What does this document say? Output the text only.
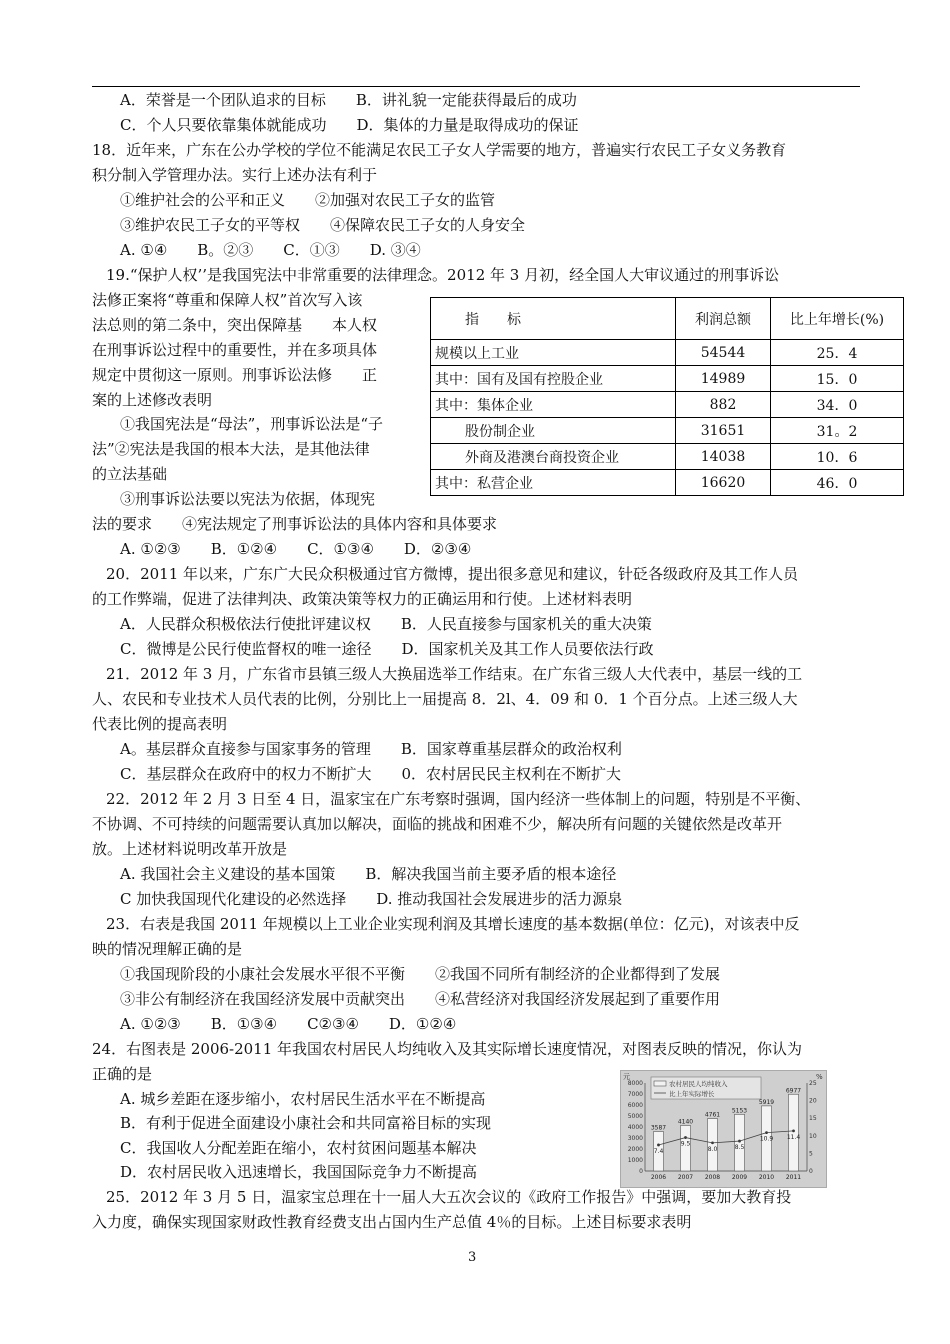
A．荣誉是一个团队追求的目标　　B．讲礼貌一定能获得最后的成功
C．个人只要依靠集体就能成功　　D．集体的力量是取得成功的保证
18．近年来，广东在公办学校的学位不能满足农民工子女人学需要的地方，普遍实行农民工子女义务教育
积分制入学管理办法。实行上述办法有利于
①维护社会的公平和正义　　②加强对农民工子女的监管
③维护农民工子女的平等权　　④保障农民工子女的人身安全
A. ①④　　B。②③　　C．①③　　D. ③④
19.“保护人权’’是我国宪法中非常重要的法律理念。2012 年 3 月初，经全国人大审议通过的刑事诉讼
法修正案将“尊重和保障人权”首次写入该
法总则的第二条中，突出保障基　　本人权
在刑事诉讼过程中的重要性，并在多项具体
规定中贯彻这一原则。刑事诉讼法修　　正
案的上述修改表明
①我国宪法是“母法”，刑事诉讼法是“子
法”②宪法是我国的根本大法，是其他法律
的立法基础
③刑事诉讼法要以宪法为依据，体现宪
法的要求　　④宪法规定了刑事诉讼法的具体内容和具体要求
A. ①②③　　B．①②④　　C．①③④　　D．②③④
20．2011 年以来，广东广大民众积极通过官方微博，提出很多意见和建议，针砭各级政府及其工作人员
的工作弊端，促进了法律判决、政策决策等权力的正确运用和行使。上述材料表明
A．人民群众积极依法行使批评建议权　　B．人民直接参与国家机关的重大决策
C．微博是公民行使监督权的唯一途径　　D．国家机关及其工作人员要依法行政
21．2012 年 3 月，广东省市县镇三级人大换届选举工作结束。在广东省三级人大代表中，基层一线的工
人、农民和专业技术人员代表的比例，分别比上一届提高 8．2l、4．09 和 0．1 个百分点。上述三级人大
代表比例的提高表明
A。基层群众直接参与国家事务的管理　　B．国家尊重基层群众的政治权利
C．基层群众在政府中的权力不断扩大　　0．农村居民民主权利在不断扩大
22．2012 年 2 月 3 日至 4 日，温家宝在广东考察时强调，国内经济一些体制上的问题，特别是不平衡、
不协调、不可持续的问题需要认真加以解决，面临的挑战和困难不少，解决所有问题的关键依然是改革开
放。上述材料说明改革开放是
A. 我国社会主义建设的基本国策　　B．解决我国当前主要矛盾的根本途径
C 加快我国现代化建设的必然选择　　D. 推动我国社会发展进步的活力源泉
23．右表是我国 2011 年规模以上工业企业实现利润及其增长速度的基本数据(单位：亿元)，对该表中反
映的情况理解正确的是
①我国现阶段的小康社会发展水平很不平衡　　②我国不同所有制经济的企业都得到了发展
③非公有制经济在我国经济发展中贡献突出　　④私营经济对我国经济发展起到了重要作用
A. ①②③　　B．①③④　　C②③④　　D．①②④
24．右图表是 2006-2011 年我国农村居民人均纯收入及其实际增长速度情况，对图表反映的情况，你认为
正确的是
A. 城乡差距在逐步缩小，农村居民生活水平在不断提高
B．有利于促进全面建设小康社会和共同富裕目标的实现
C．我国收人分配差距在缩小，农村贫困问题基本解决
D．农村居民收入迅速增长，我国国际竞争力不断提高
25．2012 年 3 月 5 日，温家宝总理在十一届人大五次会议的《政府工作报告》中强调，要加大教育投
入力度，确保实现国家财政性教育经费支出占国内生产总值 4％的目标。上述目标要求表明
指　　标	利润总额	比上年增长(%)
规模以上工业	54544	25．4
其中：国有及国有控股企业	14989	15．0
其中：集体企业	882	34．0
股份制企业	31651	31。2
外商及港澳台商投资企业	14038	10．6
其中：私营企业	16620	46．0
元	%
农村居民人均纯收入
比上年实际增长
8000
7000
6000
5000
4000
3000
2000
1000
0
25
20
15
10
5
0
3587
2006
7.4
4140
2007
9.5
4761
2008
8.0
5153
2009
8.5
5919
2010
10.9
6977
2011
11.4
3
